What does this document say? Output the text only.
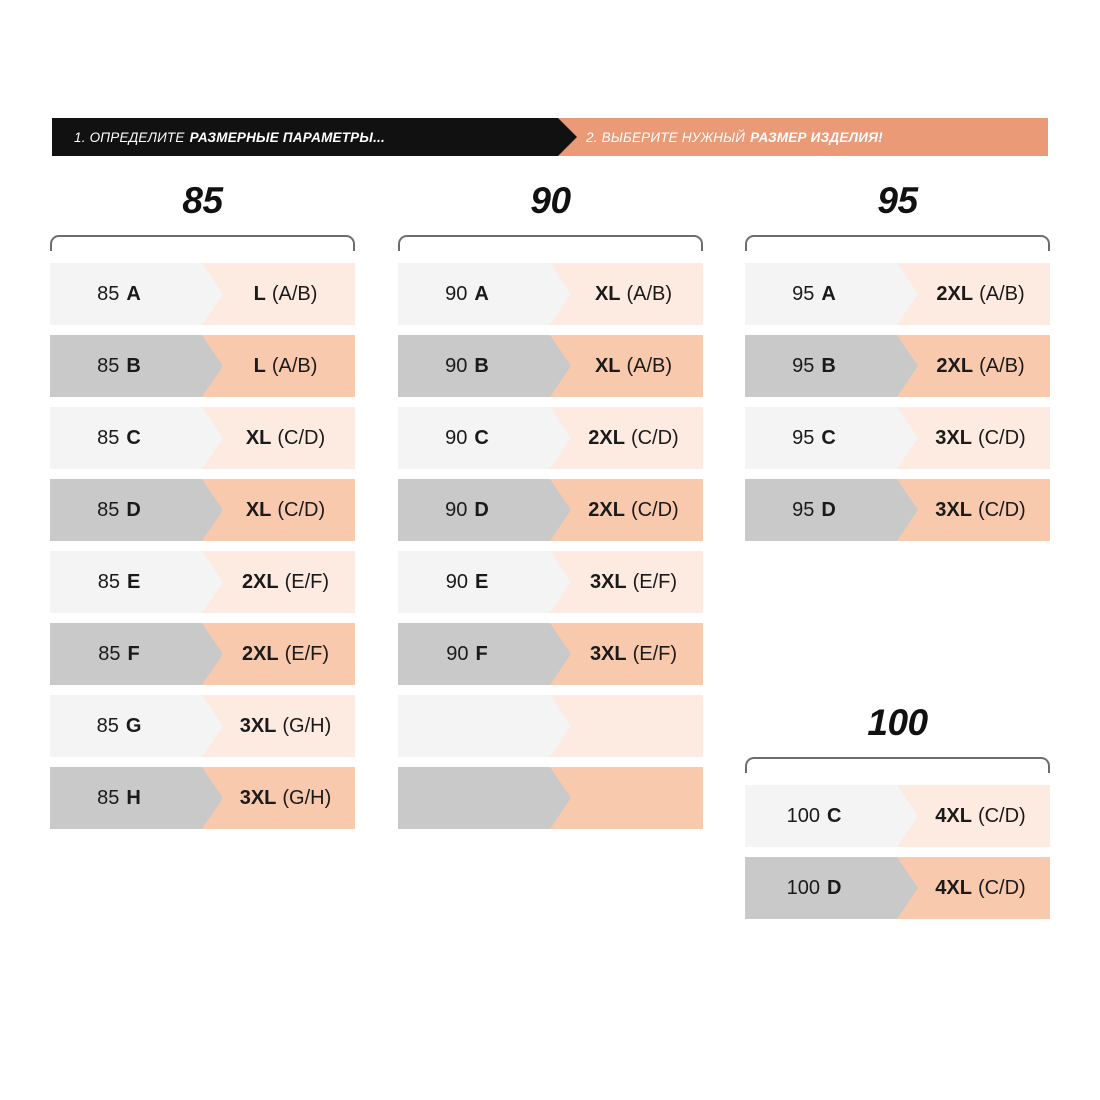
1. ОПРЕДЕЛИТЕ РАЗМЕРНЫЕ ПАРАМЕТРЫ...	2. ВЫБЕРИТЕ НУЖНЫЙ РАЗМЕР ИЗДЕЛИЯ!
85
85 A	L (A/B)
85 B	L (A/B)
85 C	XL (C/D)
85 D	XL (C/D)
85 E	2XL (E/F)
85 F	2XL (E/F)
85 G	3XL (G/H)
85 H	3XL (G/H)
90
90 A	XL (A/B)
90 B	XL (A/B)
90 C	2XL (C/D)
90 D	2XL (C/D)
90 E	3XL (E/F)
90 F	3XL (E/F)
95
95 A	2XL (A/B)
95 B	2XL (A/B)
95 C	3XL (C/D)
95 D	3XL (C/D)
100
100 C	4XL (C/D)
100 D	4XL (C/D)
